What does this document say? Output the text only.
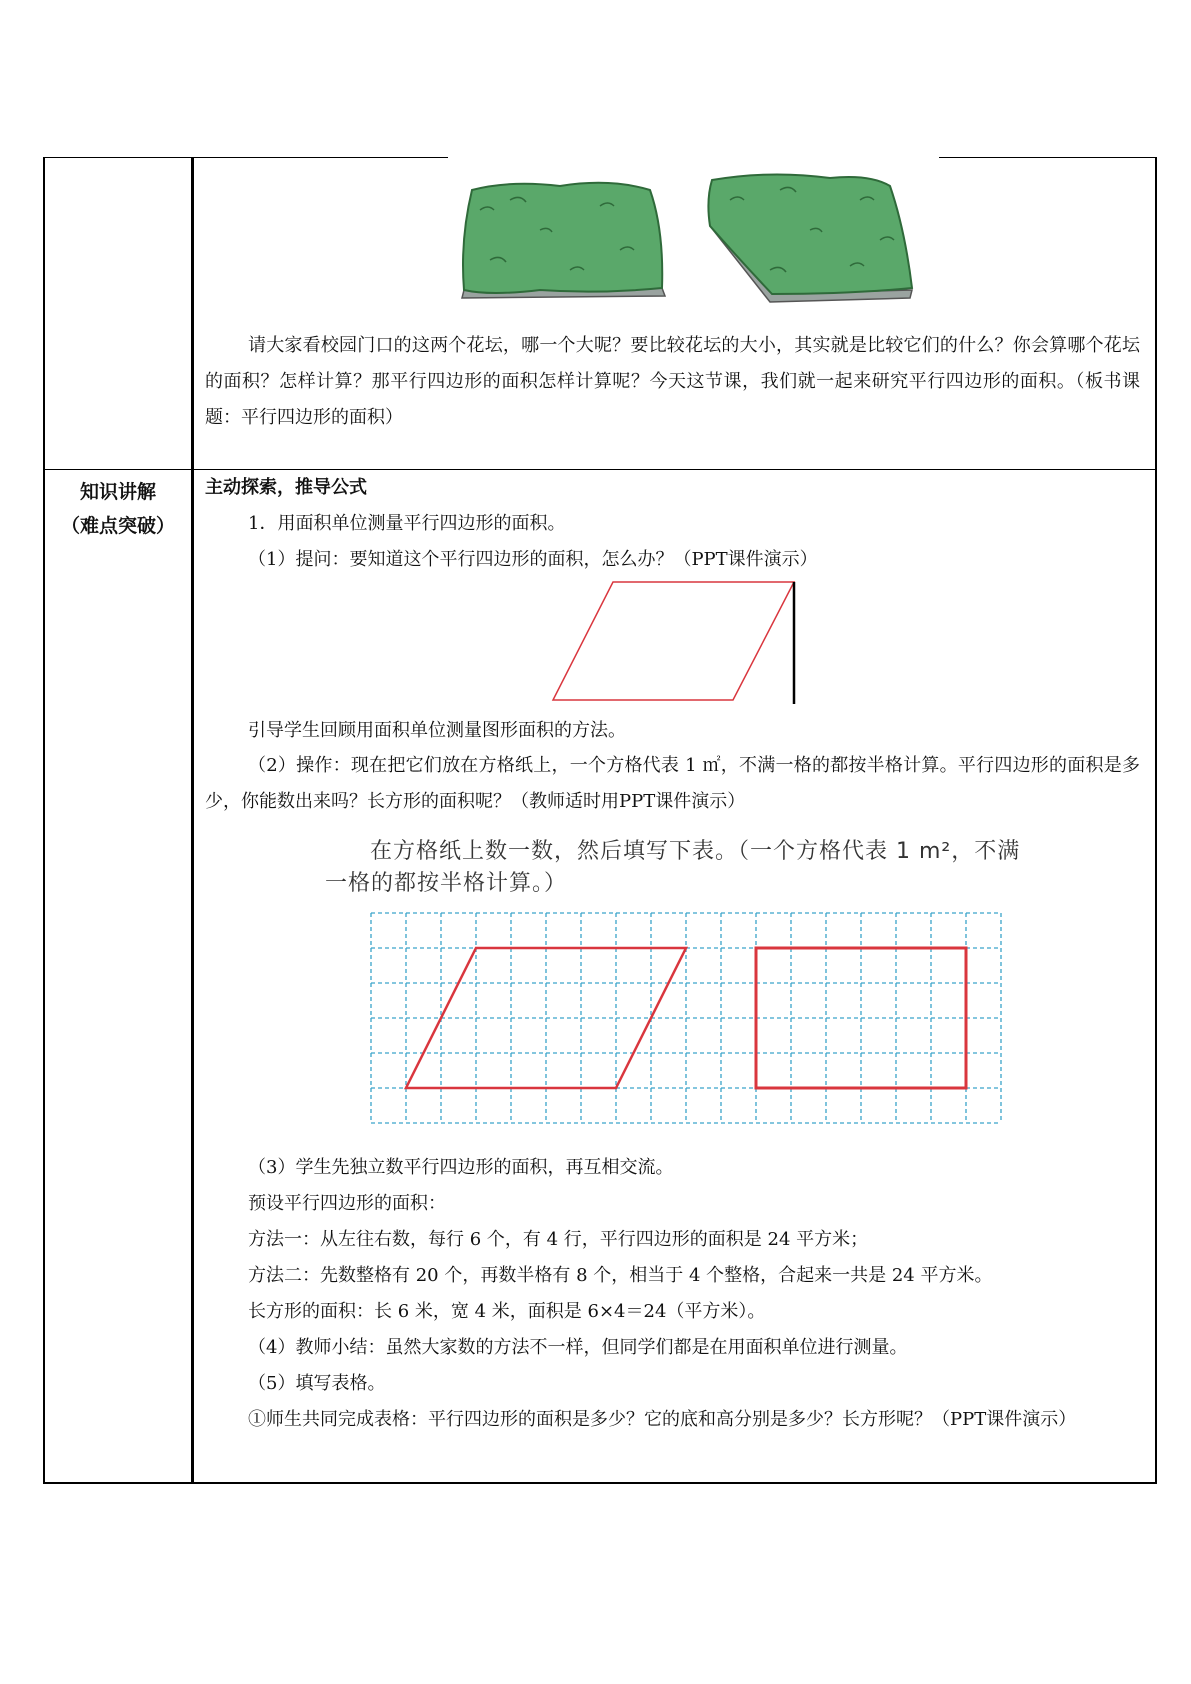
请大家看校园门口的这两个花坛，哪一个大呢？要比较花坛的大小，其实就是比较它们的什么？你会算哪个花坛的面积？怎样计算？那平行四边形的面积怎样计算呢？今天这节课，我们就一起来研究平行四边形的面积。（板书课题：平行四边形的面积）
知识讲解
（难点突破）
主动探索，推导公式
1．用面积单位测量平行四边形的面积。
（1）提问：要知道这个平行四边形的面积，怎么办？（PPT课件演示）
引导学生回顾用面积单位测量图形面积的方法。
（2）操作：现在把它们放在方格纸上，一个方格代表 1 ㎡，不满一格的都按半格计算。平行四边形的面积是多少，你能数出来吗？长方形的面积呢？（教师适时用PPT课件演示）
在方格纸上数一数，然后填写下表。（一个方格代表 1 m²，不满
一格的都按半格计算。）
（3）学生先独立数平行四边形的面积，再互相交流。
预设平行四边形的面积：
方法一：从左往右数，每行 6 个，有 4 行，平行四边形的面积是 24 平方米；
方法二：先数整格有 20 个，再数半格有 8 个，相当于 4 个整格，合起来一共是 24 平方米。
长方形的面积：长 6 米，宽 4 米，面积是 6×4＝24（平方米）。
（4）教师小结：虽然大家数的方法不一样，但同学们都是在用面积单位进行测量。
（5）填写表格。
①师生共同完成表格：平行四边形的面积是多少？它的底和高分别是多少？长方形呢？（PPT课件演示）
